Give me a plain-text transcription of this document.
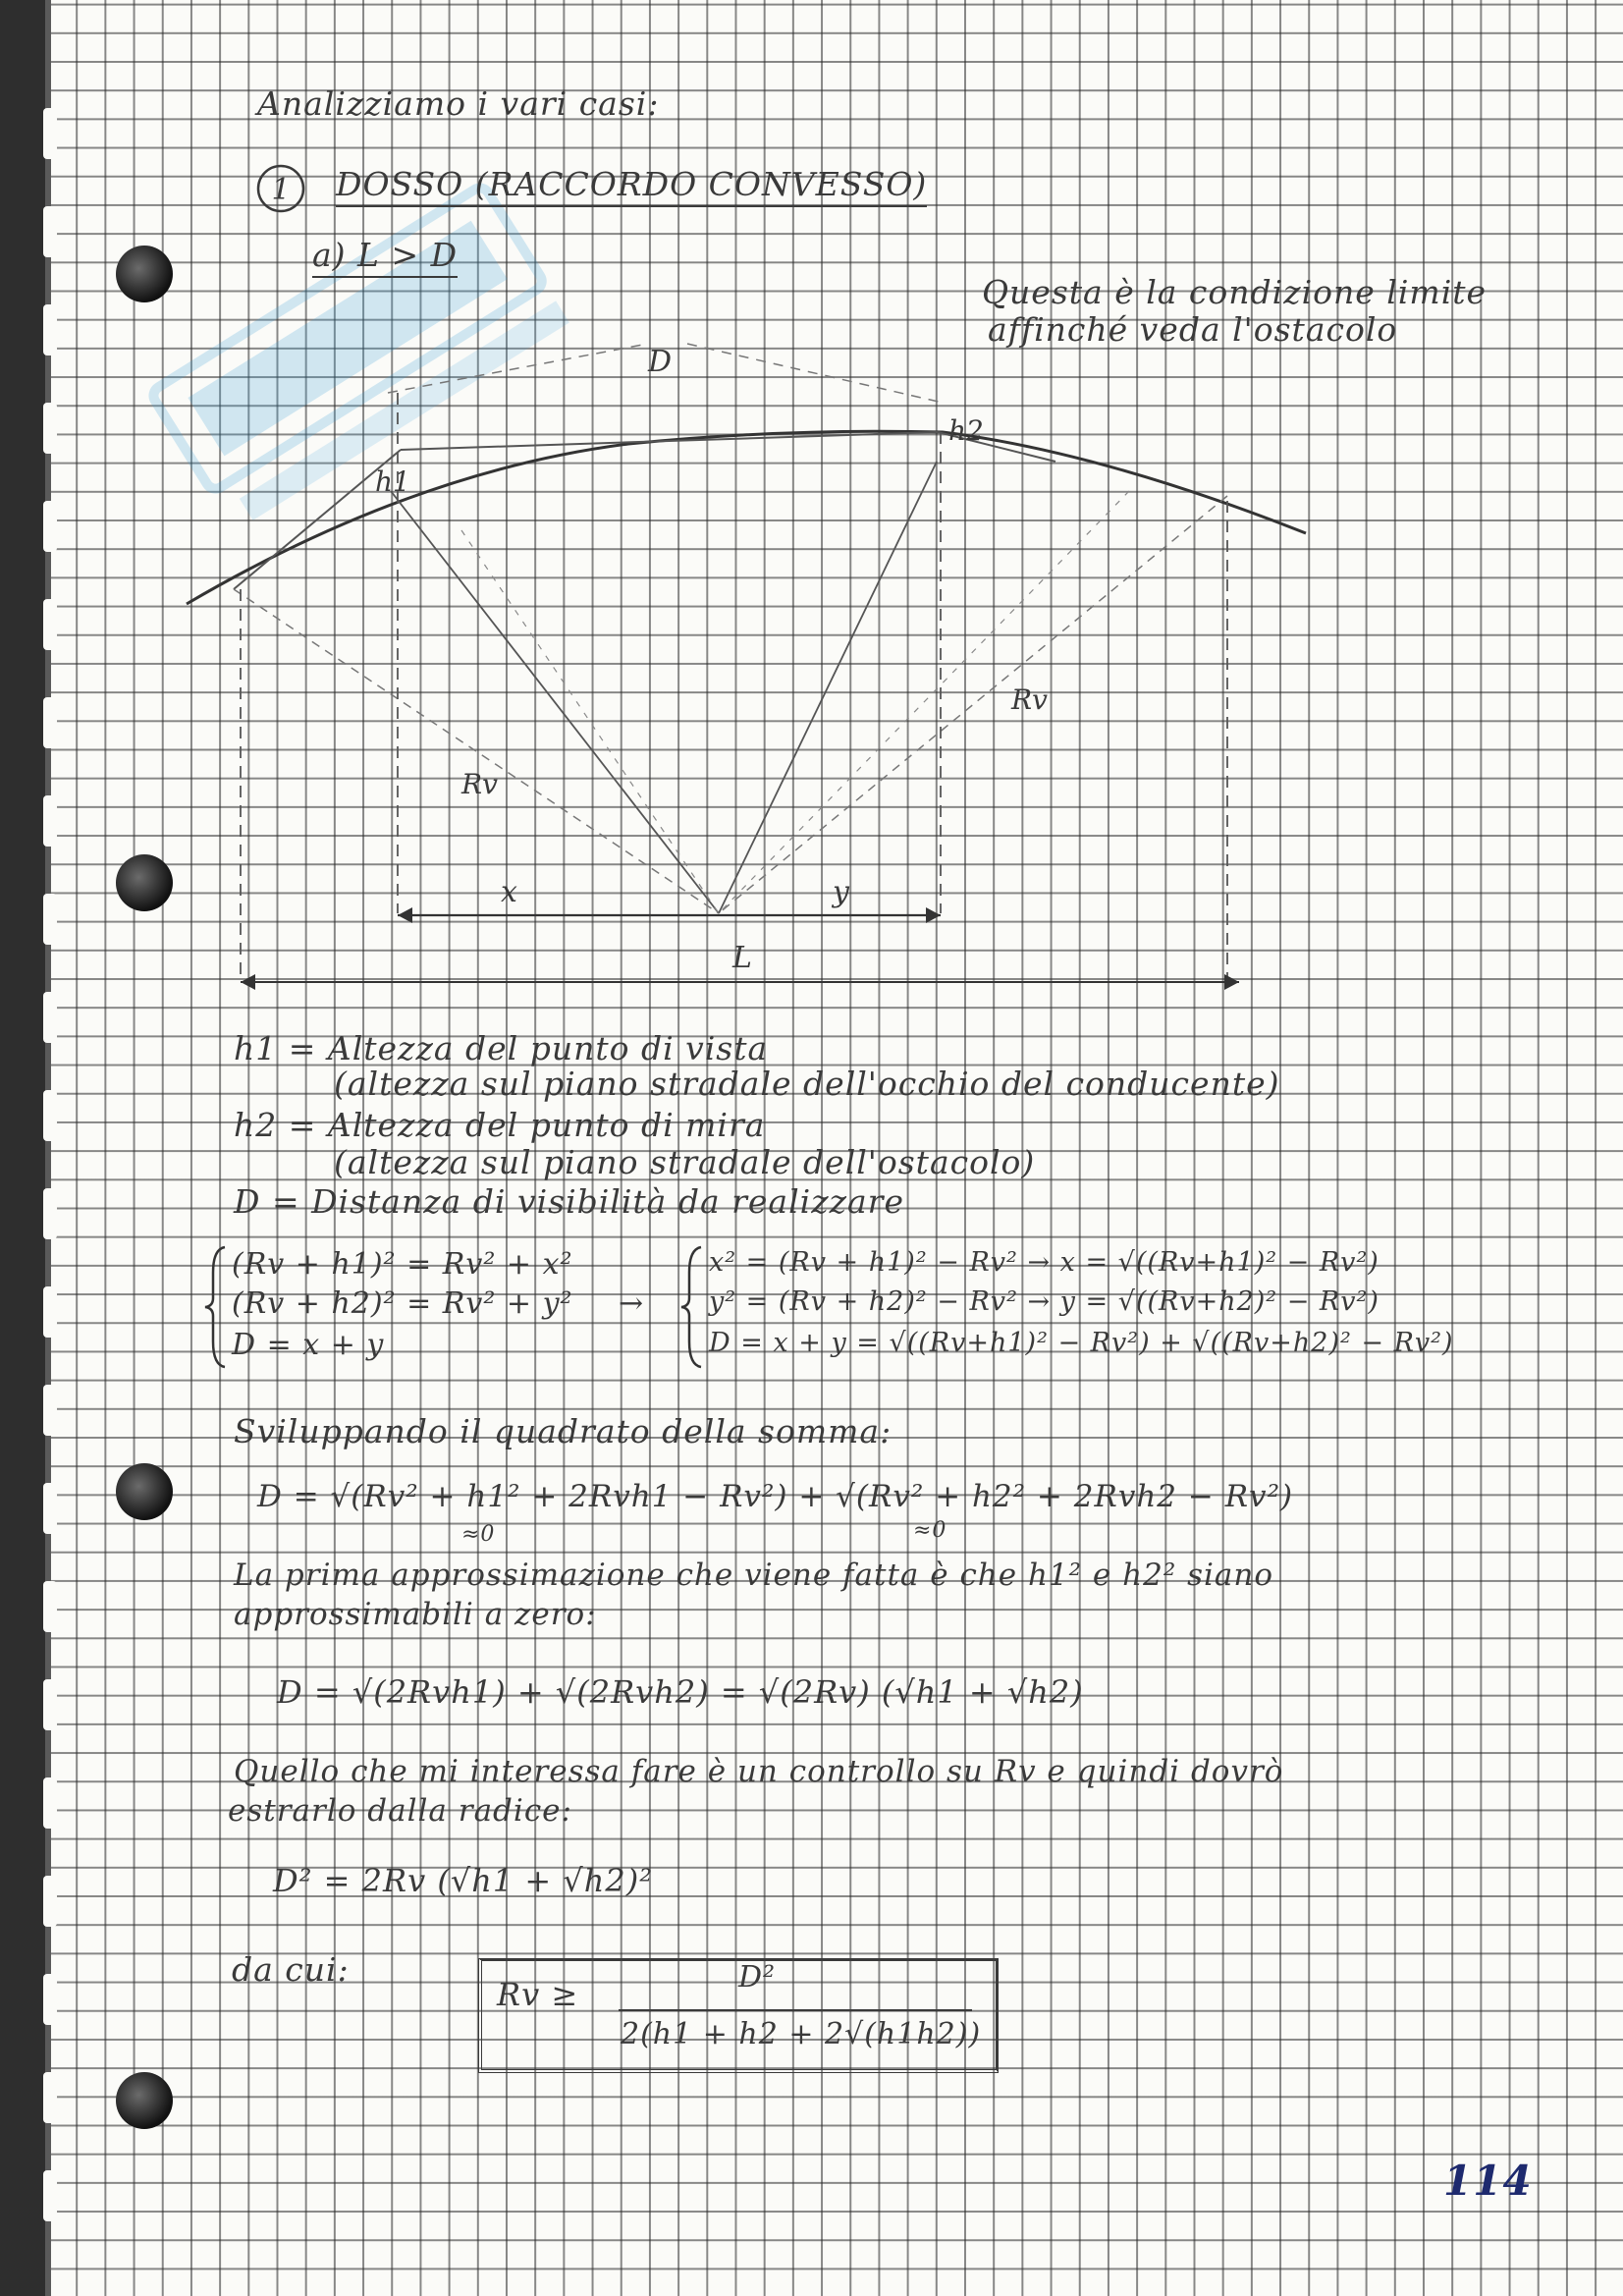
Analizziamo i vari casi:
1 DOSSO (RACCORDO CONVESSO)
a) L > D
Questa è la condizione limite
affinché veda l'ostacolo
D
h1
h2
Rv
Rv
x	y
L
h1 = Altezza del punto di vista
(altezza sul piano stradale dell'occhio del conducente)
h2 = Altezza del punto di mira
(altezza sul piano stradale dell'ostacolo)
D = Distanza di visibilità da realizzare
(Rv + h1)² = Rv² + x²
(Rv + h2)² = Rv² + y²
D = x + y
→
x² = (Rv + h1)² − Rv² → x = √((Rv+h1)² − Rv²)
y² = (Rv + h2)² − Rv² → y = √((Rv+h2)² − Rv²)
D = x + y = √((Rv+h1)² − Rv²) + √((Rv+h2)² − Rv²)
Sviluppando il quadrato della somma:
D = √(Rv² + h1² + 2Rvh1 − Rv²) + √(Rv² + h2² + 2Rvh2 − Rv²)
≈0	≈0
La prima approssimazione che viene fatta è che h1² e h2² siano
approssimabili a zero:
D = √(2Rvh1) + √(2Rvh2) = √(2Rv) (√h1 + √h2)
Quello che mi interessa fare è un controllo su Rv e quindi dovrò
estrarlo dalla radice:
D² = 2Rv (√h1 + √h2)²
da cui:
Rv ≥	D²
2(h1 + h2 + 2√(h1h2))
114
